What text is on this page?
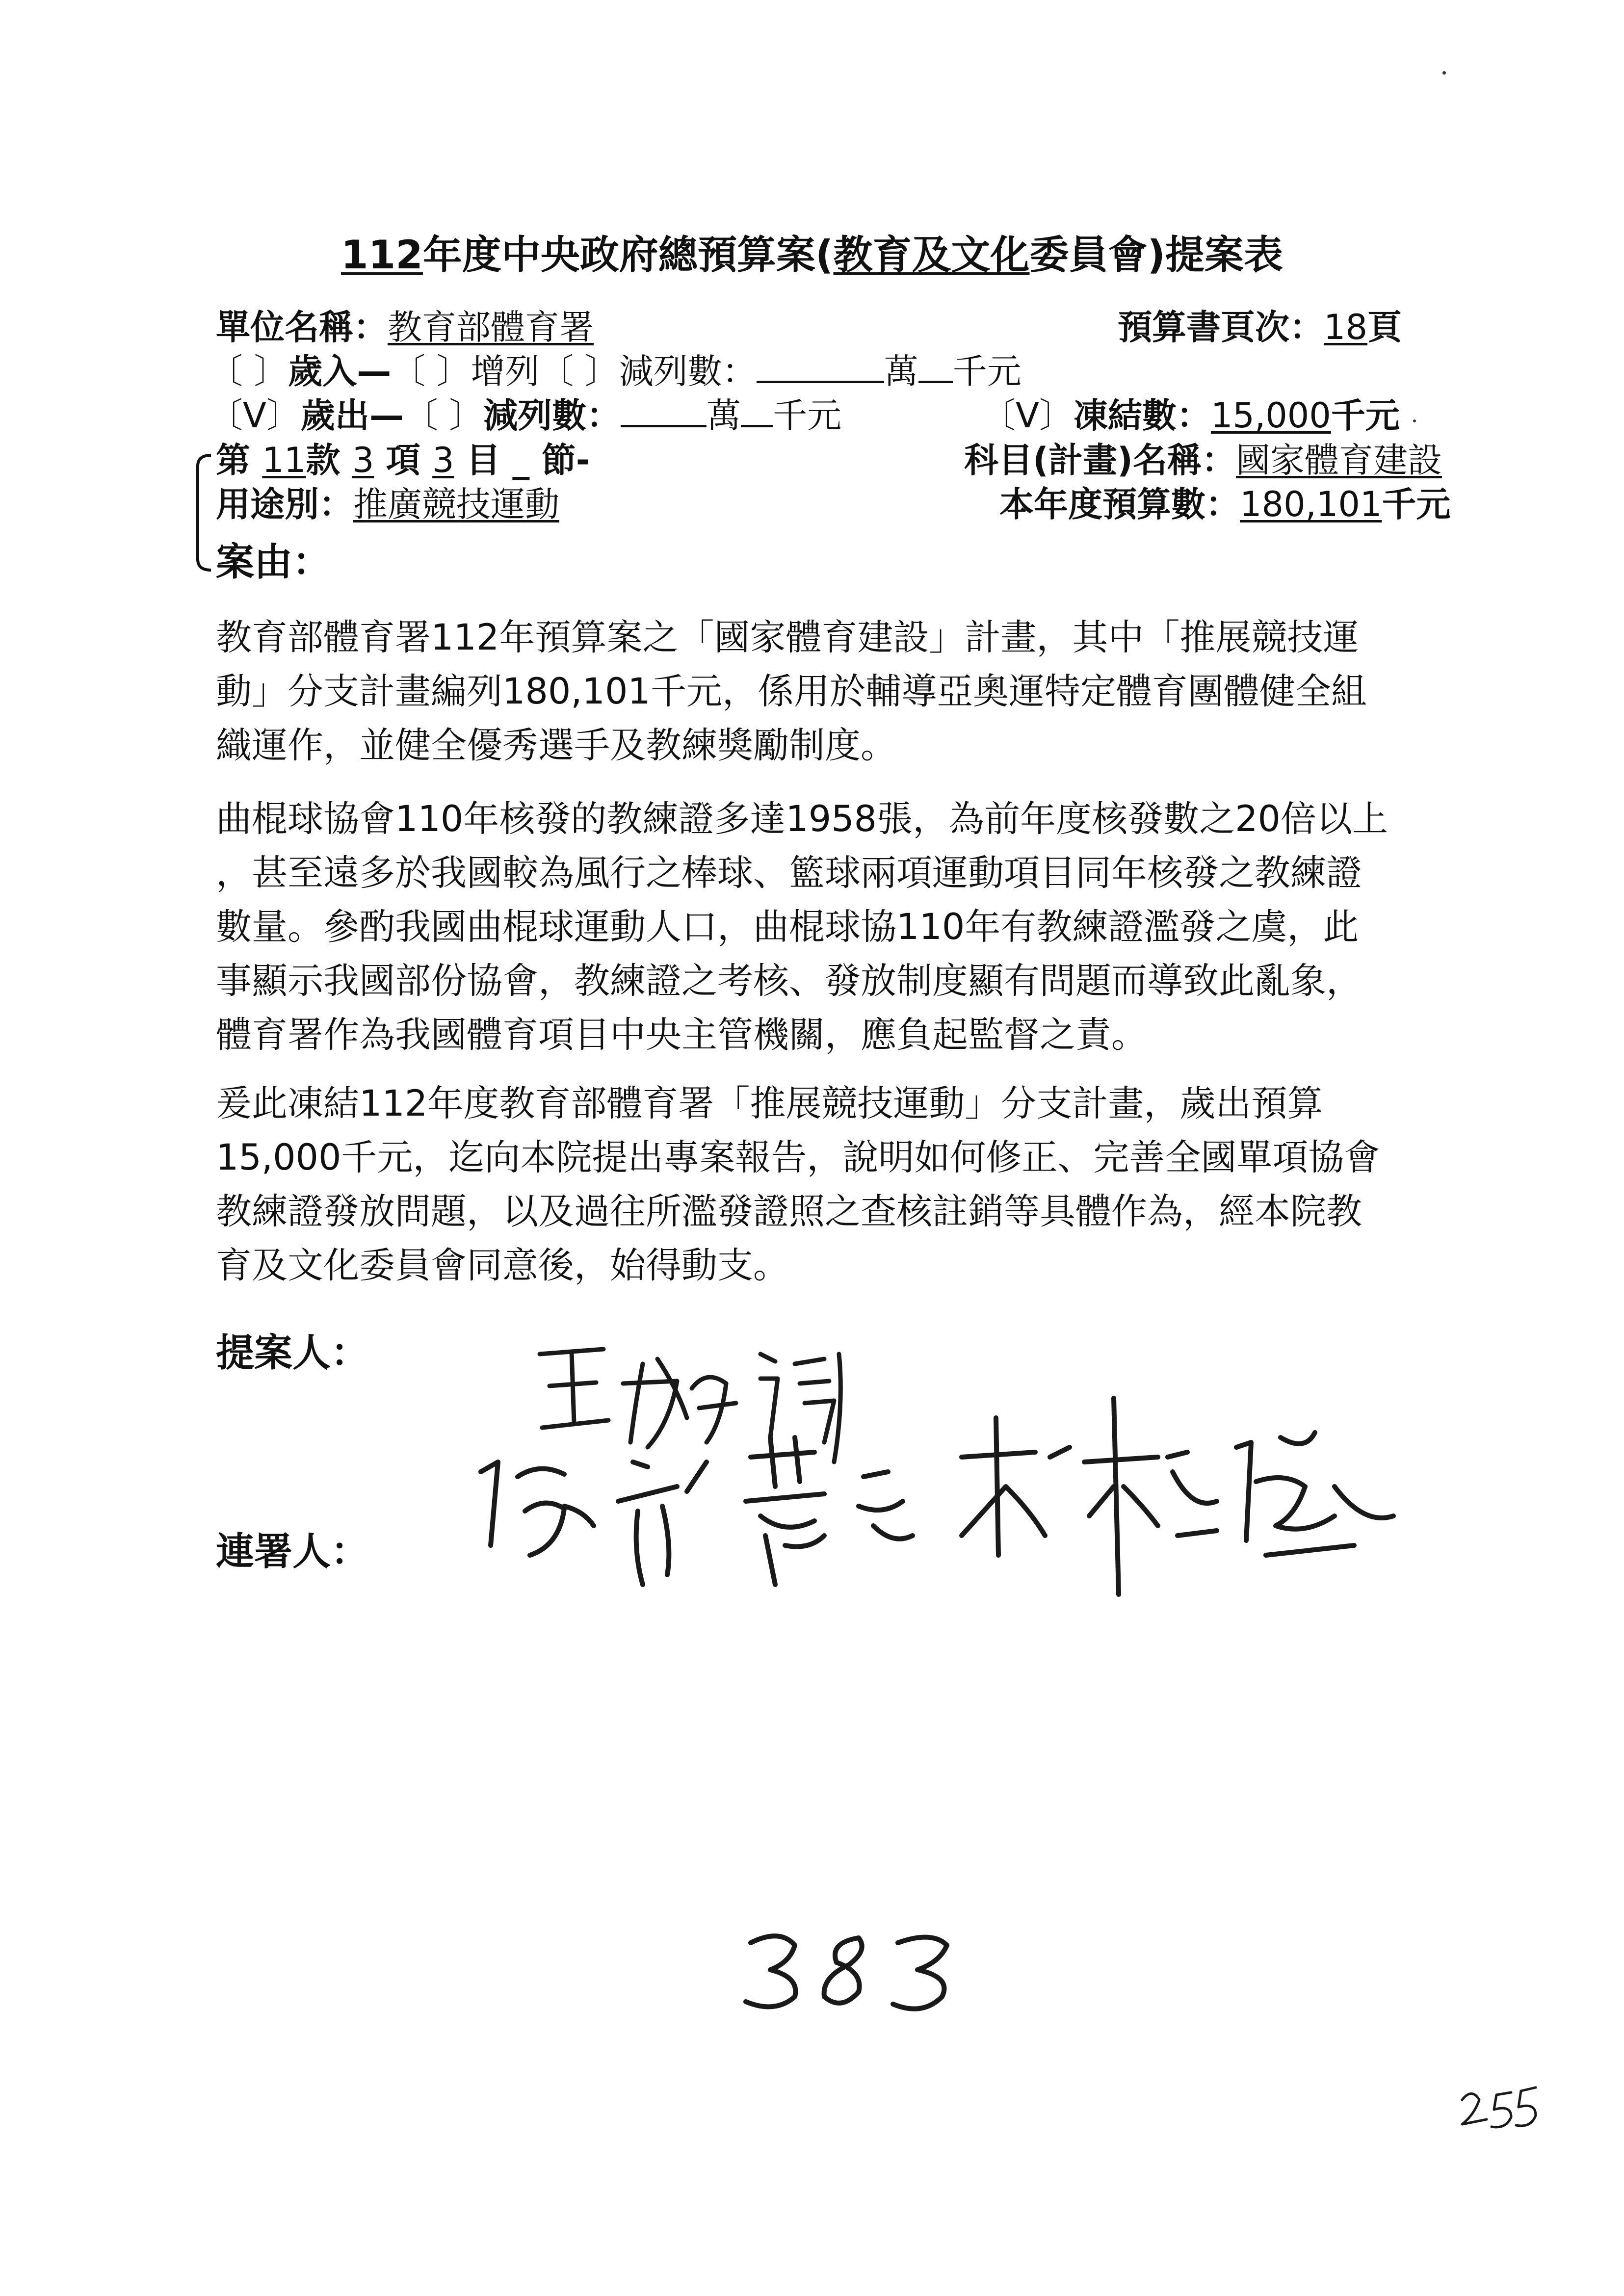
112年度中央政府總預算案(教育及文化委員會)提案表
單位名稱：教育部體育署	預算書頁次：18頁
〔 〕歲入—〔 〕增列〔 〕減列數：	萬 千元
〔V〕歲出—〔 〕減列數：	萬 千元	〔V〕凍結數：15,000千元
第 11款 3 項 3 目 _ 節-	科目(計畫)名稱：國家體育建設
用途別：推廣競技運動	本年度預算數：180,101千元
案由：
教育部體育署112年預算案之「國家體育建設」計畫，其中「推展競技運
動」分支計畫編列180,101千元，係用於輔導亞奧運特定體育團體健全組
織運作，並健全優秀選手及教練獎勵制度。
曲棍球協會110年核發的教練證多達1958張，為前年度核發數之20倍以上
，甚至遠多於我國較為風行之棒球、籃球兩項運動項目同年核發之教練證
數量。參酌我國曲棍球運動人口，曲棍球協110年有教練證濫發之虞，此
事顯示我國部份協會，教練證之考核、發放制度顯有問題而導致此亂象，
體育署作為我國體育項目中央主管機關，應負起監督之責。
爰此凍結112年度教育部體育署「推展競技運動」分支計畫，歲出預算
15,000千元，迄向本院提出專案報告，說明如何修正、完善全國單項協會
教練證發放問題，以及過往所濫發證照之查核註銷等具體作為，經本院教
育及文化委員會同意後，始得動支。
提案人：
連署人：
